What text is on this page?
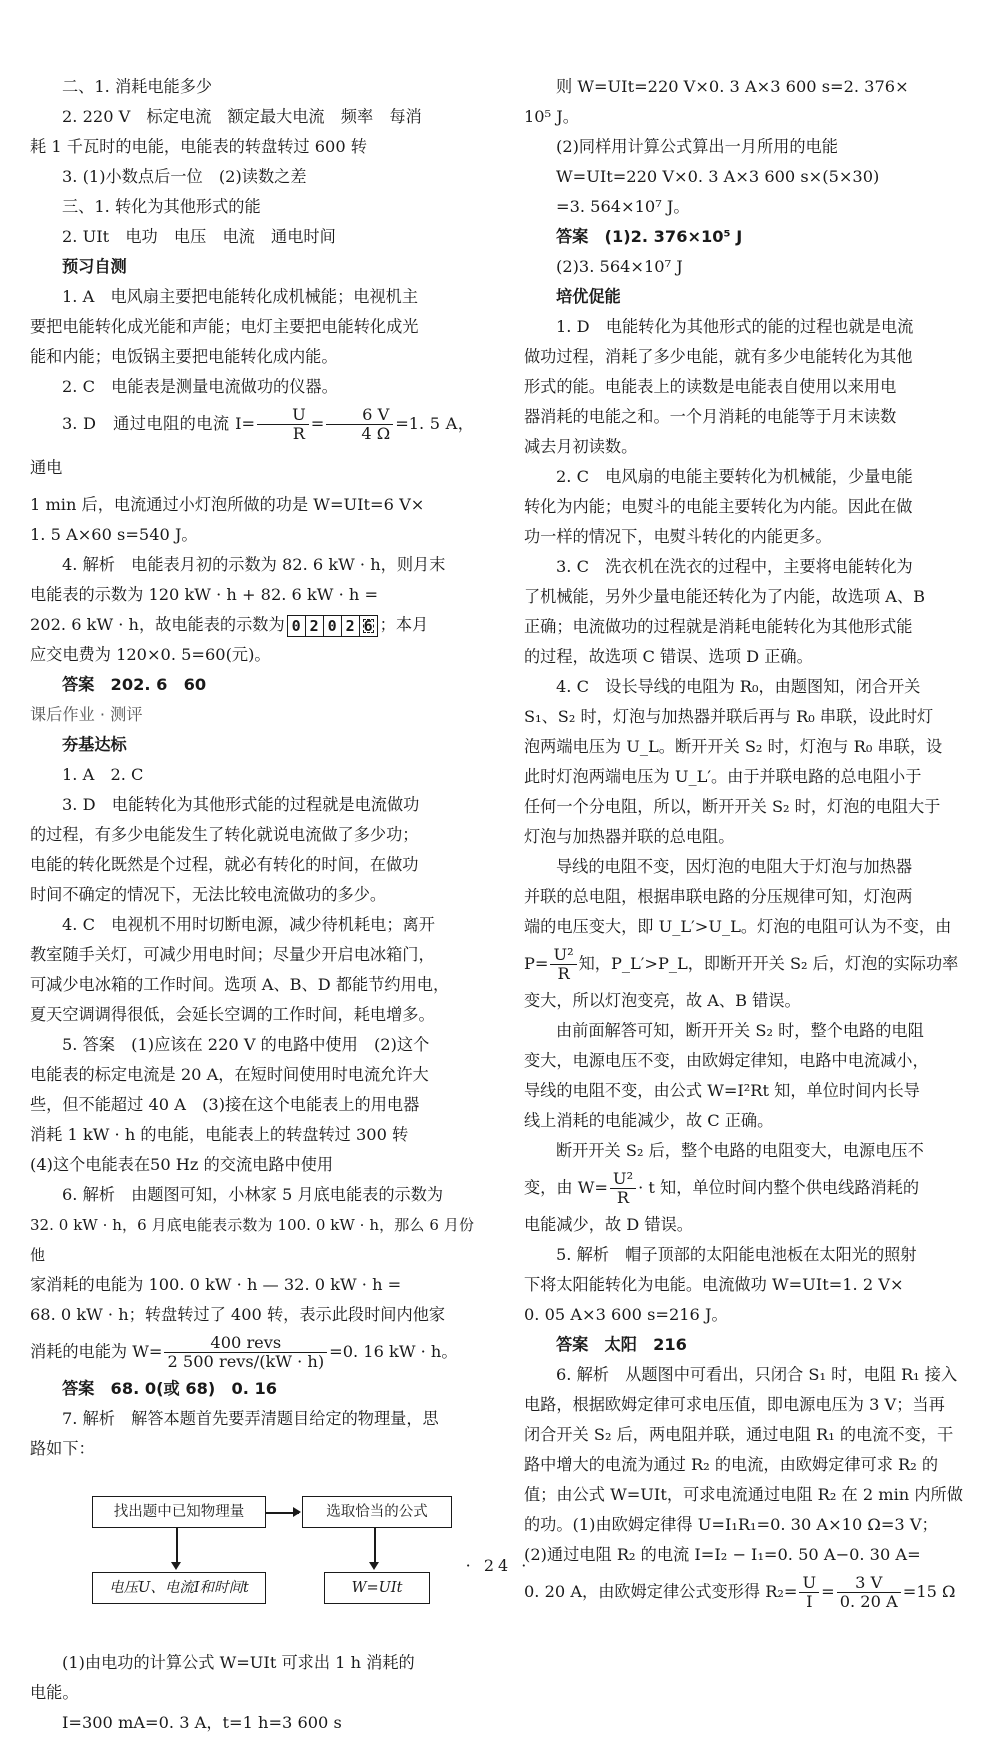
二、1. 消耗电能多少

2. 220 V　标定电流　额定最大电流　频率　每消

耗 1 千瓦时的电能，电能表的转盘转过 600 转

3. (1)小数点后一位　(2)读数之差

三、1. 转化为其他形式的能

2. UIt　电功　电压　电流　通电时间

预习自测

1. A　电风扇主要把电能转化成机械能；电视机主

要把电能转化成光能和声能；电灯主要把电能转化成光

能和内能；电饭锅主要把电能转化成内能。

2. C　电能表是测量电流做功的仪器。

3. D　通过电阻的电流 $I= \frac{U}{R} = \frac{6 V}{4 \Omega} =1$. 5 A，通电

1 min 后，电流通过小灯泡所做的功是 W=UIt=6 V×

1. 5 A×60 s=540 J。

4. 解析　电能表月初的示数为 82. 6 kW · h，则月末

电能表的示数为 120 kW · h + 82. 6 kW · h =

202. 6 kW · h，故电能表的示数为 0 2 0 2 6 ；本月

应交电费为 120×0. 5=60(元)。

答案　202. 6　60

课后作业 · 测评

夯基达标

1. A　2. C

3. D　电能转化为其他形式能的过程就是电流做功

的过程，有多少电能发生了转化就说电流做了多少功；

电能的转化既然是个过程，就必有转化的时间，在做功

时间不确定的情况下，无法比较电流做功的多少。

4. C　电视机不用时切断电源，减少待机耗电；离开

教室随手关灯，可减少用电时间；尽量少开启电冰箱门，

可减少电冰箱的工作时间。选项 A、B、D 都能节约用电，

夏天空调调得很低，会延长空调的工作时间，耗电增多。

5. 答案　(1)应该在 220 V 的电路中使用　(2)这个

电能表的标定电流是 20 A，在短时间使用时电流允许大

些，但不能超过 40 A　(3)接在这个电能表上的用电器

消耗 1 kW · h 的电能，电能表上的转盘转过 300 转

(4)这个电能表在50 Hz 的交流电路中使用

6. 解析　由题图可知，小林家 5 月底电能表的示数为

32. 0 kW · h，6 月底电能表示数为 100. 0 kW · h，那么 6 月份他

家消耗的电能为 100. 0 kW · h — 32. 0 kW · h =

68. 0 kW · h；转盘转过了 400 转，表示此段时间内他家

消耗的电能为 $W= \frac{\text{400 revs}}{\text{2 500 revs/(kW · h)}} =0$. 16 kW · h。

答案　68. 0(或 68)　0. 16

7. 解析　解答本题首先要弄清题目给定的物理量，思

路如下：

找出题中已知物理量	选取恰当的公式
电压U、电流I和时间t	W=UIt

(1)由电功的计算公式 W=UIt 可求出 1 h 消耗的

电能。

I=300 mA=0. 3 A，t=1 h=3 600 s

则 W=UIt=220 V×0. 3 A×3 600 s=2. 376×

10⁵ J。

(2)同样用计算公式算出一月所用的电能

W=UIt=220 V×0. 3 A×3 600 s×(5×30)

=3. 564×10⁷ J。

答案　(1)2. 376×10⁵ J

(2)3. 564×10⁷ J

培优促能

1. D　电能转化为其他形式的能的过程也就是电流

做功过程，消耗了多少电能，就有多少电能转化为其他

形式的能。电能表上的读数是电能表自使用以来用电

器消耗的电能之和。一个月消耗的电能等于月末读数

减去月初读数。

2. C　电风扇的电能主要转化为机械能，少量电能

转化为内能；电熨斗的电能主要转化为内能。因此在做

功一样的情况下，电熨斗转化的内能更多。

3. C　洗衣机在洗衣的过程中，主要将电能转化为

了机械能，另外少量电能还转化为了内能，故选项 A、B

正确；电流做功的过程就是消耗电能转化为其他形式能

的过程，故选项 C 错误、选项 D 正确。

4. C　设长导线的电阻为 R₀，由题图知，闭合开关

S₁、S₂ 时，灯泡与加热器并联后再与 R₀ 串联，设此时灯

泡两端电压为 U_L。断开开关 S₂ 时，灯泡与 R₀ 串联，设

此时灯泡两端电压为 U_L′。由于并联电路的总电阻小于

任何一个分电阻，所以，断开开关 S₂ 时，灯泡的电阻大于

灯泡与加热器并联的总电阻。

导线的电阻不变，因灯泡的电阻大于灯泡与加热器

并联的总电阻，根据串联电路的分压规律可知，灯泡两

端的电压变大，即 U_L′>U_L。灯泡的电阻可认为不变，由

$P= \frac{\text{U²}}{R}$ 知，P_L′>P_L，即断开开关 S₂ 后，灯泡的实际功率

变大，所以灯泡变亮，故 A、B 错误。

由前面解答可知，断开开关 S₂ 时，整个电路的电阻

变大，电源电压不变，由欧姆定律知，电路中电流减小，

导线的电阻不变，由公式 W=I²Rt 知，单位时间内长导

线上消耗的电能减少，故 C 正确。

断开开关 S₂ 后，整个电路的电阻变大，电源电压不

变，由 $W= \frac{\text{U²}}{R} \cdot t$ 知，单位时间内整个供电线路消耗的

电能减少，故 D 错误。

5. 解析　帽子顶部的太阳能电池板在太阳光的照射

下将太阳能转化为电能。电流做功 W=UIt=1. 2 V×

0. 05 A×3 600 s=216 J。

答案　太阳　216

6. 解析　从题图中可看出，只闭合 S₁ 时，电阻 R₁ 接入

电路，根据欧姆定律可求电压值，即电源电压为 3 V；当再

闭合开关 S₂ 后，两电阻并联，通过电阻 R₁ 的电流不变，干

路中增大的电流为通过 R₂ 的电流，由欧姆定律可求 R₂ 的

值；由公式 W=UIt，可求电流通过电阻 R₂ 在 2 min 内所做

的功。(1)由欧姆定律得 U=I₁R₁=0. 30 A×10 Ω=3 V；

(2)通过电阻 R₂ 的电流 I=I₂ − I₁=0. 50 A−0. 30 A=

0. 20 A，由欧姆定律公式变形得 $R_2= \frac{U}{I} = \frac{3 V}{0. 20 A} =15$ Ω

· 24 ·
